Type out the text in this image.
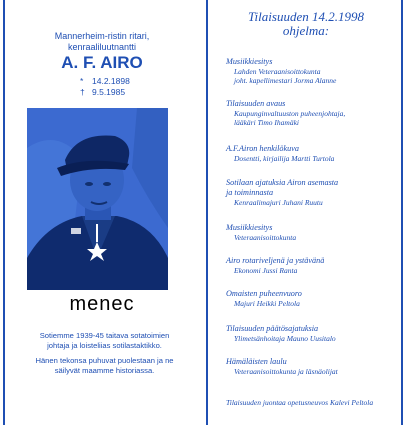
Mannerheim-ristin ritari,
kenraaliluutnantti
A. F. AIRO
* 14.2.1898
† 9.5.1985
menec
Sotiemme 1939-45 taitava sotatoimien
johtaja ja loisteliias sotilastaktikko.
Hänen tekonsa puhuvat puolestaan ja ne
säilyvät maamme historiassa.
Tilaisuuden 14.2.1998
ohjelma:
Musiikkiesitys
Lahden Veteraanisoittokunta
joht. kapellimestari Jorma Alanne
Tilaisuuden avaus
Kaupunginvaltuuston puheenjohtaja,
lääkäri Timo Ihamäki
A.F.Airon henkilökuva
Dosentti, kirjailija Martti Turtola
Sotilaan ajatuksia Airon asemasta
ja toiminnasta
Kenraalimajuri Juhani Ruutu
Musiikkiesitys
Veteraanisoittokunta
Airo rotariveljenä ja ystävänä
Ekonomi Jussi Ranta
Omaisten puheenvuoro
Majuri Heikki Peltola
Tilaisuuden päätösajatuksia
Ylimetsänhoitaja Mauno Uusitalo
Hämäläisten laulu
Veteraanisoittokunta ja läsnäolijat
Tilaisuuden juontaa opetusneuvos Kalevi Peltola
